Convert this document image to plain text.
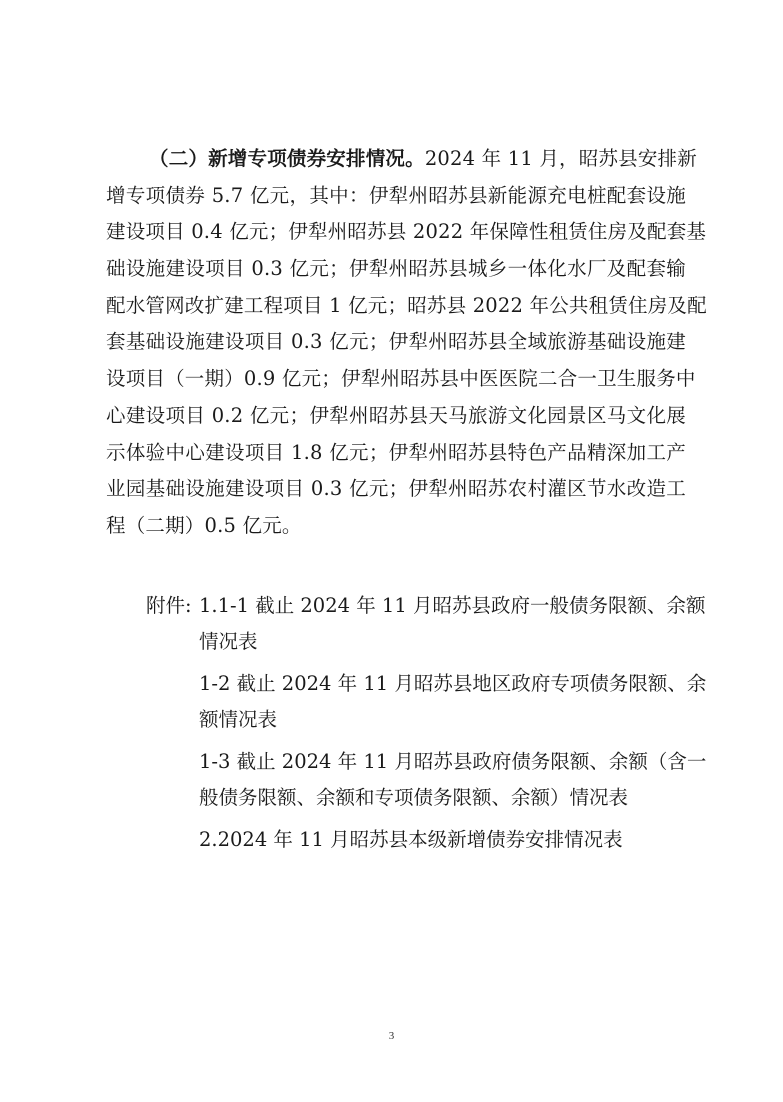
（二）新增专项债券安排情况。2024 年 11 月，昭苏县安排新
增专项债券 5.7 亿元，其中：伊犁州昭苏县新能源充电桩配套设施
建设项目 0.4 亿元；伊犁州昭苏县 2022 年保障性租赁住房及配套基
础设施建设项目 0.3 亿元；伊犁州昭苏县城乡一体化水厂及配套输
配水管网改扩建工程项目 1 亿元；昭苏县 2022 年公共租赁住房及配
套基础设施建设项目 0.3 亿元；伊犁州昭苏县全域旅游基础设施建
设项目（一期）0.9 亿元；伊犁州昭苏县中医医院二合一卫生服务中
心建设项目 0.2 亿元；伊犁州昭苏县天马旅游文化园景区马文化展
示体验中心建设项目 1.8 亿元；伊犁州昭苏县特色产品精深加工产
业园基础设施建设项目 0.3 亿元；伊犁州昭苏农村灌区节水改造工
程（二期）0.5 亿元。
附件: 1.1-1 截止 2024 年 11 月昭苏县政府一般债务限额、余额
情况表
1-2 截止 2024 年 11 月昭苏县地区政府专项债务限额、余
额情况表
1-3 截止 2024 年 11 月昭苏县政府债务限额、余额（含一
般债务限额、余额和专项债务限额、余额）情况表
2.2024 年 11 月昭苏县本级新增债券安排情况表
3
